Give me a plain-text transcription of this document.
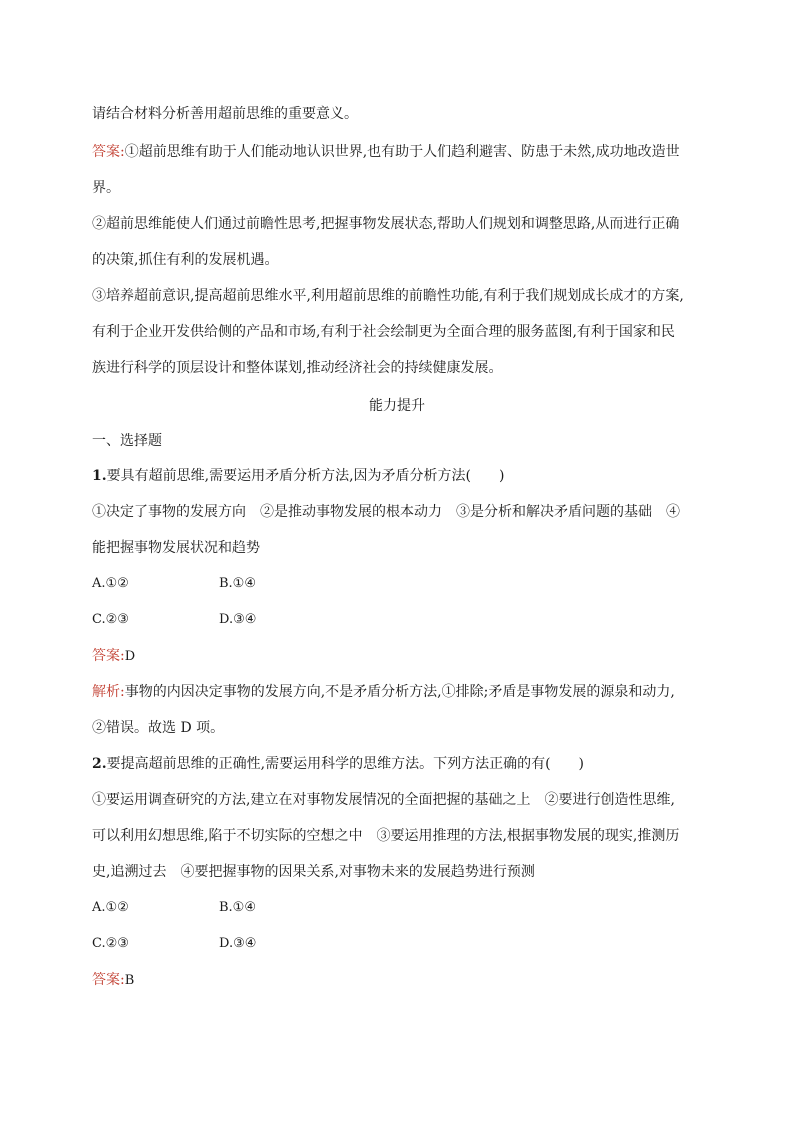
请结合材料分析善用超前思维的重要意义。
答案:①超前思维有助于人们能动地认识世界,也有助于人们趋利避害、防患于未然,成功地改造世
界。
②超前思维能使人们通过前瞻性思考,把握事物发展状态,帮助人们规划和调整思路,从而进行正确
的决策,抓住有利的发展机遇。
③培养超前意识,提高超前思维水平,利用超前思维的前瞻性功能,有利于我们规划成长成才的方案,
有利于企业开发供给侧的产品和市场,有利于社会绘制更为全面合理的服务蓝图,有利于国家和民
族进行科学的顶层设计和整体谋划,推动经济社会的持续健康发展。
能力提升
一、选择题
1.要具有超前思维,需要运用矛盾分析方法,因为矛盾分析方法(　　)
①决定了事物的发展方向　②是推动事物发展的根本动力　③是分析和解决矛盾问题的基础　④
能把握事物发展状况和趋势
A.①②	B.①④
C.②③	D.③④
答案:D
解析:事物的内因决定事物的发展方向,不是矛盾分析方法,①排除;矛盾是事物发展的源泉和动力,
②错误。故选 D 项。
2.要提高超前思维的正确性,需要运用科学的思维方法。下列方法正确的有(　　)
①要运用调查研究的方法,建立在对事物发展情况的全面把握的基础之上　②要进行创造性思维,
可以利用幻想思维,陷于不切实际的空想之中　③要运用推理的方法,根据事物发展的现实,推测历
史,追溯过去　④要把握事物的因果关系,对事物未来的发展趋势进行预测
A.①②	B.①④
C.②③	D.③④
答案:B
